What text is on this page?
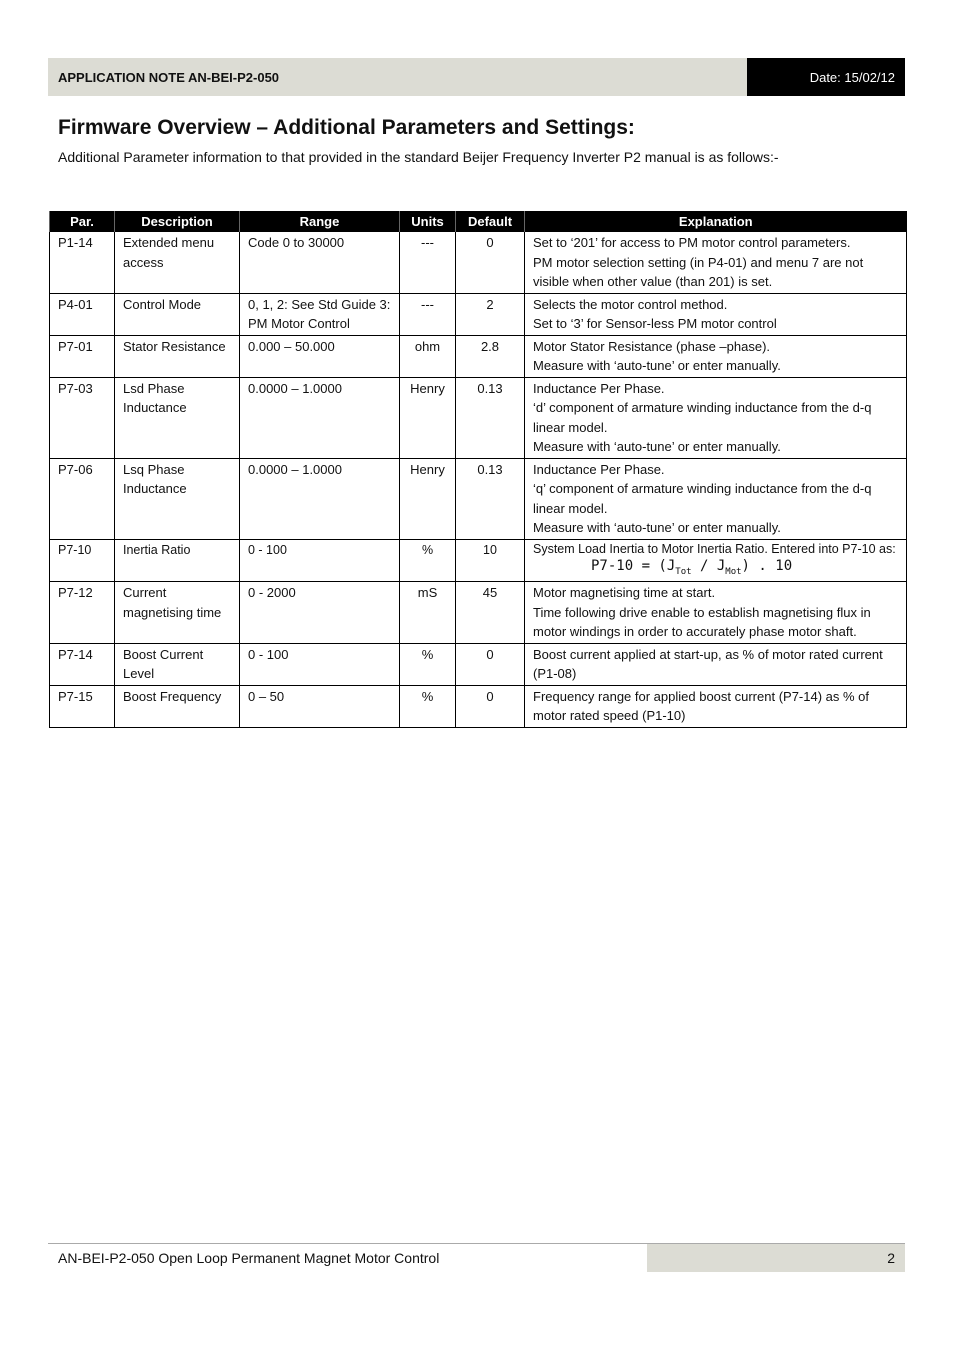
APPLICATION NOTE AN-BEI-P2-050	Date: 15/02/12
Firmware Overview – Additional Parameters and Settings:

Additional Parameter information to that provided in the standard Beijer Frequency Inverter P2 manual is as follows:-

Par.	Description	Range	Units	Default	Explanation
P1-14	Extended menu access	Code 0 to 30000	---	0	Set to ‘201’ for access to PM motor control parameters.
PM motor selection setting (in P4-01) and menu 7 are not visible when other value (than 201) is set.

P4-01	Control Mode	0, 1, 2: See Std Guide 3: PM Motor Control	---	2	Selects the motor control method.
Set to ‘3’ for Sensor-less PM motor control

P7-01	Stator Resistance	0.000 – 50.000	ohm	2.8	Motor Stator Resistance (phase –phase).
Measure with ‘auto-tune’ or enter manually.

P7-03	Lsd Phase Inductance	0.0000 – 1.0000	Henry	0.13	Inductance Per Phase.
‘d’ component of armature winding inductance from the d-q linear model.
Measure with ‘auto-tune’ or enter manually.

P7-06	Lsq Phase Inductance	0.0000 – 1.0000	Henry	0.13	Inductance Per Phase.
‘q’ component of armature winding inductance from the d-q linear model.
Measure with ‘auto-tune’ or enter manually.

P7-10	Inertia Ratio	0 - 100	%	10	System Load Inertia to Motor Inertia Ratio. Entered into P7-10 as:
$P7-10 = (J_{Tot} / J_{Mot})$ . 10

P7-12	Current magnetising time	0 - 2000	mS	45	Motor magnetising time at start.
Time following drive enable to establish magnetising flux in motor windings in order to accurately phase motor shaft.

P7-14	Boost Current Level	0 - 100	%	0	Boost current applied at start-up, as % of motor rated current (P1-08)

P7-15	Boost Frequency	0 – 50	%	0	Frequency range for applied boost current (P7-14) as % of motor rated speed (P1-10)
AN-BEI-P2-050 Open Loop Permanent Magnet Motor Control	2
